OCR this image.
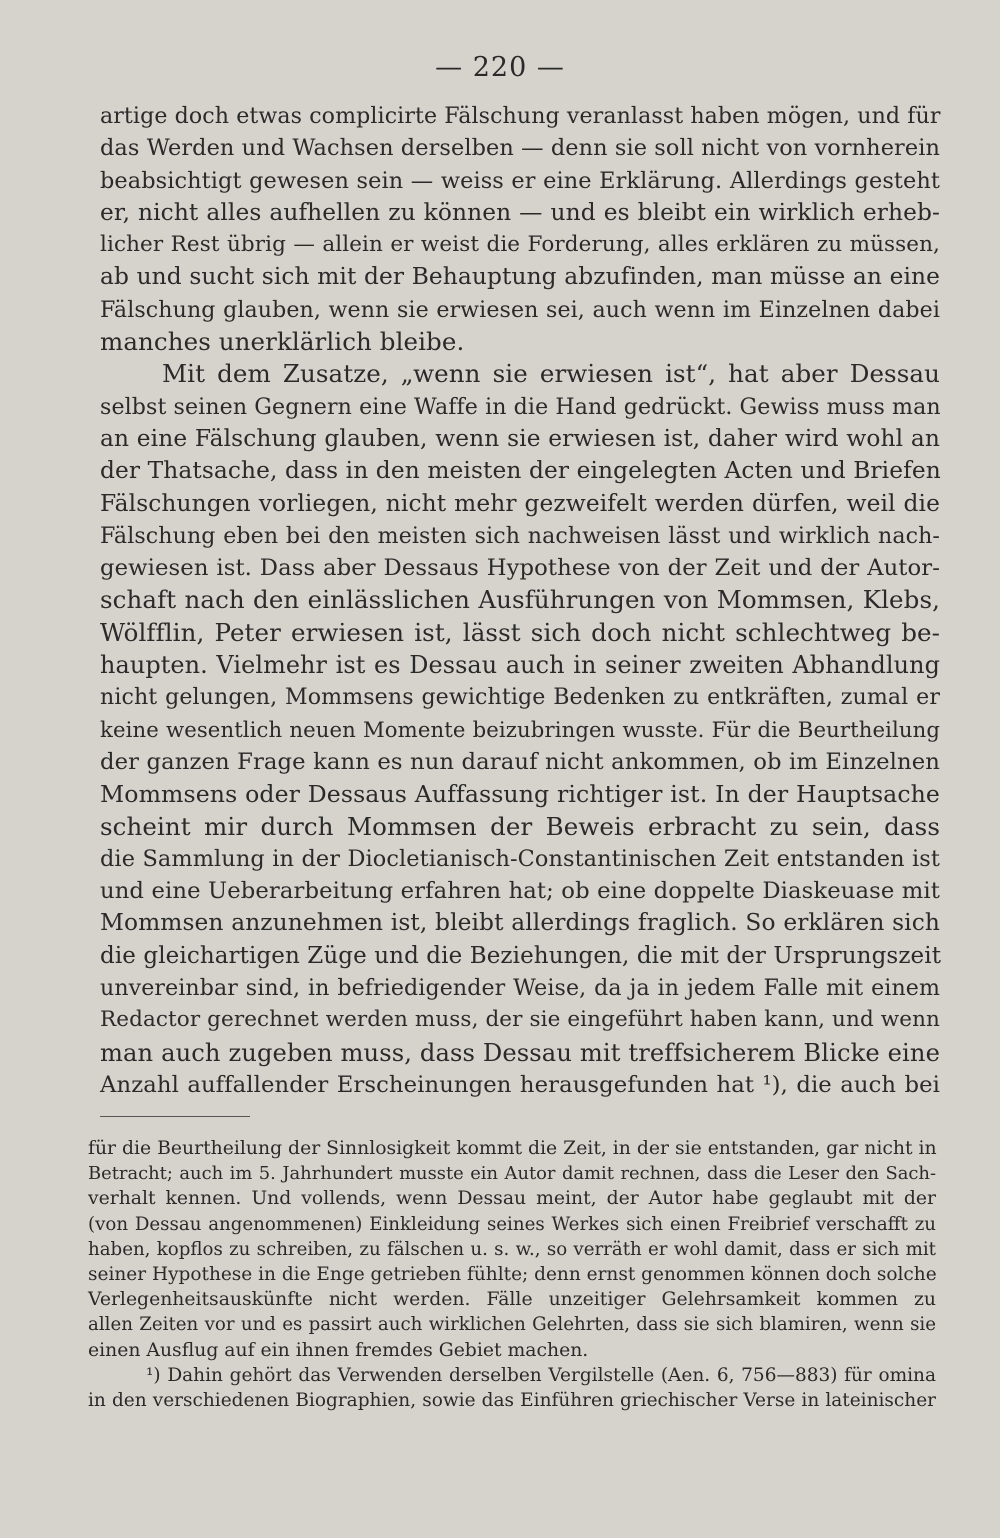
— 220 —
artige doch etwas complicirte Fälschung veranlasst haben mögen, und für
das Werden und Wachsen derselben — denn sie soll nicht von vornherein
beabsichtigt gewesen sein — weiss er eine Erklärung. Allerdings gesteht
er, nicht alles aufhellen zu können — und es bleibt ein wirklich erheb-
licher Rest übrig — allein er weist die Forderung, alles erklären zu müssen,
ab und sucht sich mit der Behauptung abzufinden, man müsse an eine
Fälschung glauben, wenn sie erwiesen sei, auch wenn im Einzelnen dabei
manches unerklärlich bleibe.
Mit dem Zusatze, „wenn sie erwiesen ist“, hat aber Dessau
selbst seinen Gegnern eine Waffe in die Hand gedrückt. Gewiss muss man
an eine Fälschung glauben, wenn sie erwiesen ist, daher wird wohl an
der Thatsache, dass in den meisten der eingelegten Acten und Briefen
Fälschungen vorliegen, nicht mehr gezweifelt werden dürfen, weil die
Fälschung eben bei den meisten sich nachweisen lässt und wirklich nach-
gewiesen ist. Dass aber Dessaus Hypothese von der Zeit und der Autor-
schaft nach den einlässlichen Ausführungen von Mommsen, Klebs,
Wölfflin, Peter erwiesen ist, lässt sich doch nicht schlechtweg be-
haupten. Vielmehr ist es Dessau auch in seiner zweiten Abhandlung
nicht gelungen, Mommsens gewichtige Bedenken zu entkräften, zumal er
keine wesentlich neuen Momente beizubringen wusste. Für die Beurtheilung
der ganzen Frage kann es nun darauf nicht ankommen, ob im Einzelnen
Mommsens oder Dessaus Auffassung richtiger ist. In der Hauptsache
scheint mir durch Mommsen der Beweis erbracht zu sein, dass
die Sammlung in der Diocletianisch-Constantinischen Zeit entstanden ist
und eine Ueberarbeitung erfahren hat; ob eine doppelte Diaskeuase mit
Mommsen anzunehmen ist, bleibt allerdings fraglich. So erklären sich
die gleichartigen Züge und die Beziehungen, die mit der Ursprungszeit
unvereinbar sind, in befriedigender Weise, da ja in jedem Falle mit einem
Redactor gerechnet werden muss, der sie eingeführt haben kann, und wenn
man auch zugeben muss, dass Dessau mit treffsicherem Blicke eine
Anzahl auffallender Erscheinungen herausgefunden hat ¹), die auch bei
für die Beurtheilung der Sinnlosigkeit kommt die Zeit, in der sie entstanden, gar nicht in
Betracht; auch im 5. Jahrhundert musste ein Autor damit rechnen, dass die Leser den Sach-
verhalt kennen. Und vollends, wenn Dessau meint, der Autor habe geglaubt mit der
(von Dessau angenommenen) Einkleidung seines Werkes sich einen Freibrief verschafft zu
haben, kopflos zu schreiben, zu fälschen u. s. w., so verräth er wohl damit, dass er sich mit
seiner Hypothese in die Enge getrieben fühlte; denn ernst genommen können doch solche
Verlegenheitsauskünfte nicht werden. Fälle unzeitiger Gelehrsamkeit kommen zu
allen Zeiten vor und es passirt auch wirklichen Gelehrten, dass sie sich blamiren, wenn sie
einen Ausflug auf ein ihnen fremdes Gebiet machen.
¹) Dahin gehört das Verwenden derselben Vergilstelle (Aen. 6, 756—883) für omina
in den verschiedenen Biographien, sowie das Einführen griechischer Verse in lateinischer
